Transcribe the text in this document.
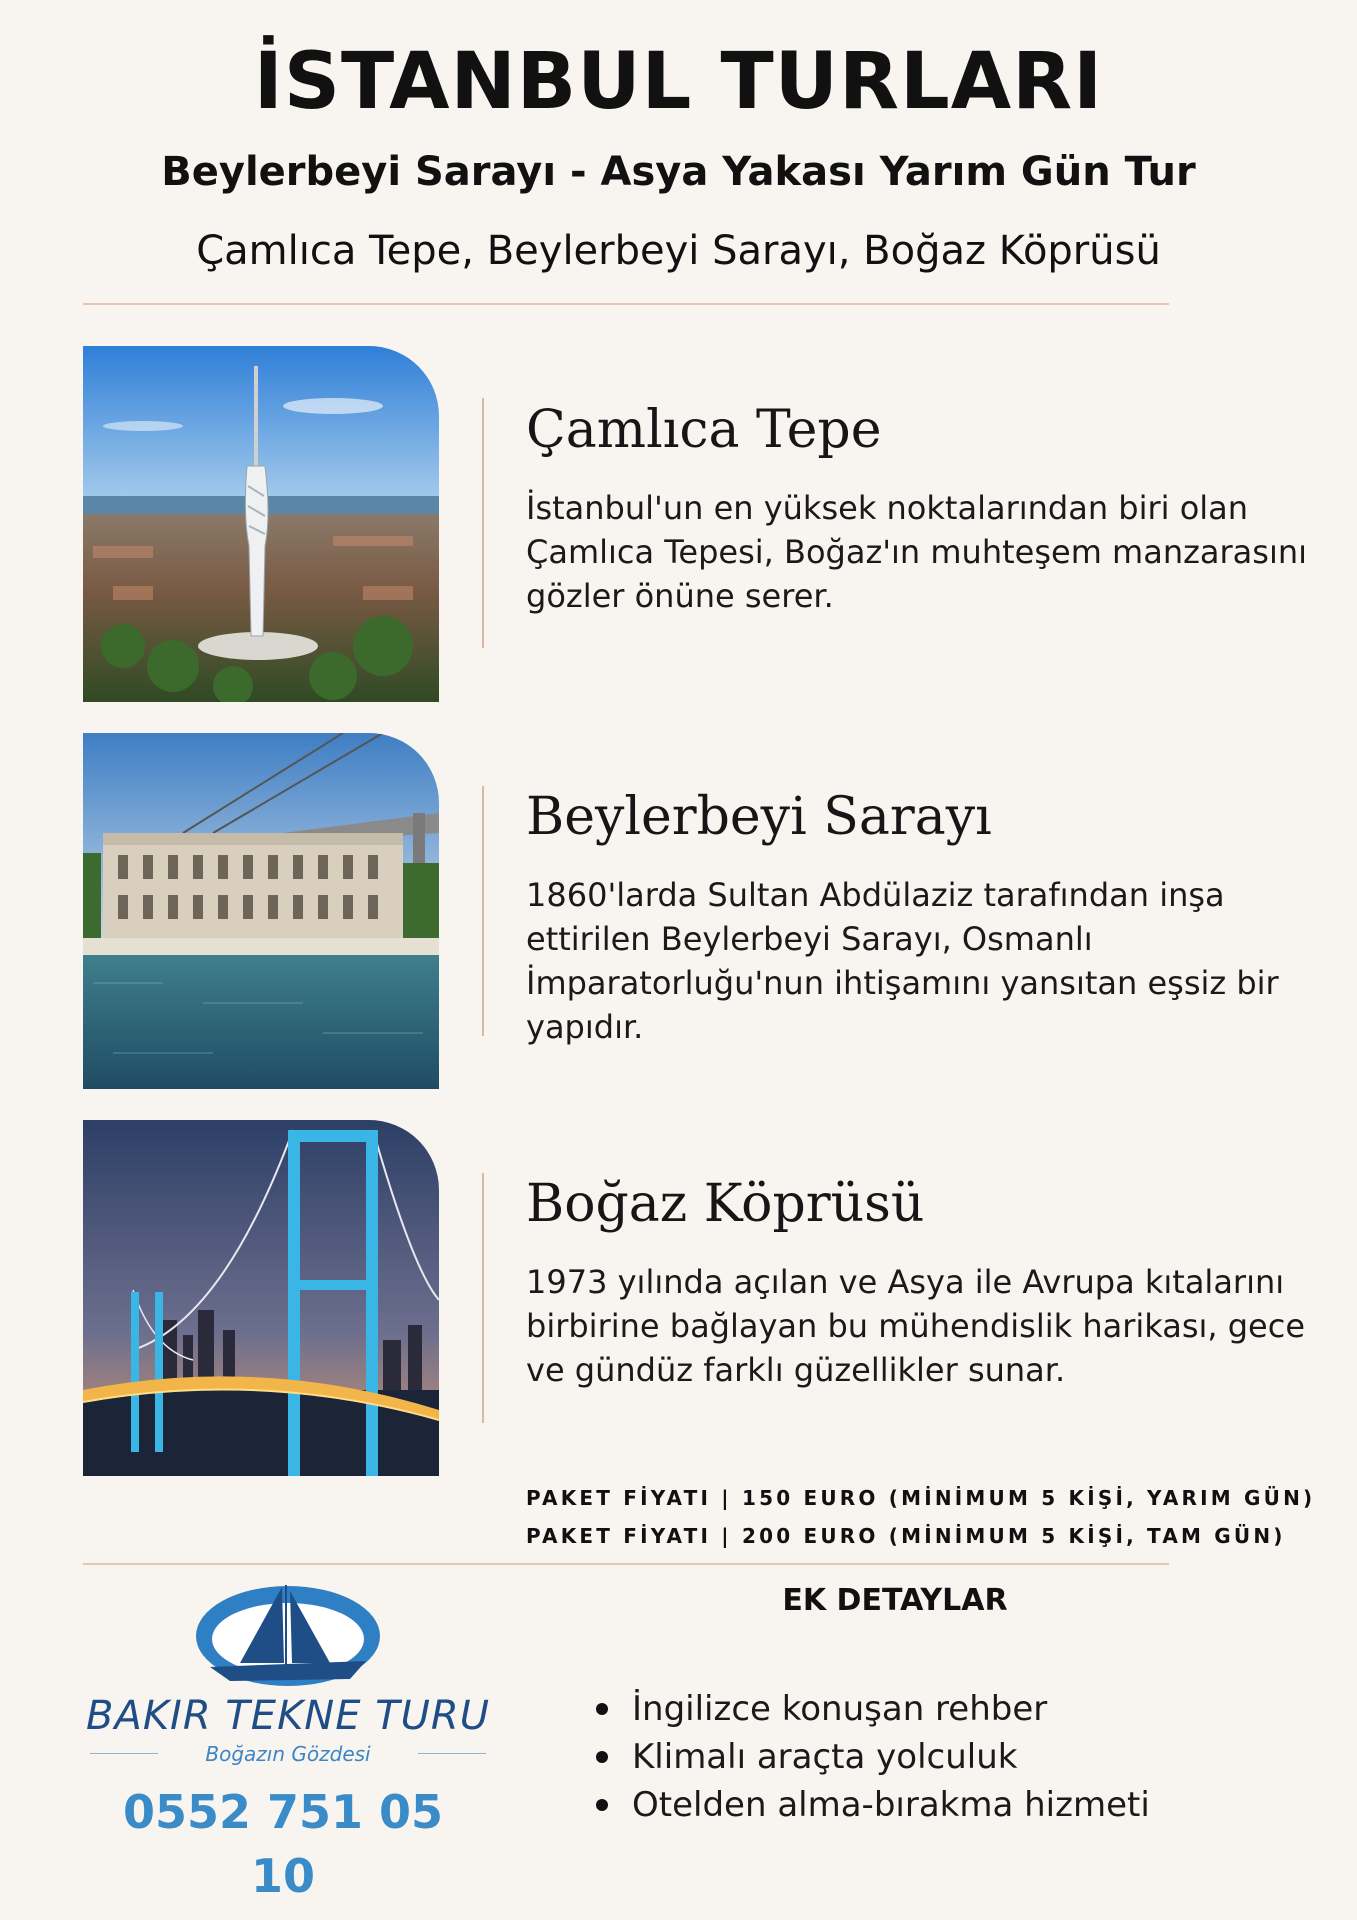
İSTANBUL TURLARI
Beylerbeyi Sarayı - Asya Yakası Yarım Gün Tur
Çamlıca Tepe, Beylerbeyi Sarayı, Boğaz Köprüsü
Çamlıca Tepe
İstanbul'un en yüksek noktalarından biri olan Çamlıca Tepesi, Boğaz'ın muhteşem manzarasını gözler önüne serer.
Beylerbeyi Sarayı
1860'larda Sultan Abdülaziz tarafından inşa ettirilen Beylerbeyi Sarayı, Osmanlı İmparatorluğu'nun ihtişamını yansıtan eşsiz bir yapıdır.
Boğaz Köprüsü
1973 yılında açılan ve Asya ile Avrupa kıtalarını birbirine bağlayan bu mühendislik harikası, gece ve gündüz farklı güzellikler sunar.
PAKET FİYATI | 150 EURO (MİNİMUM 5 KİŞİ, YARIM GÜN)
PAKET FİYATI | 200 EURO (MİNİMUM 5 KİŞİ, TAM GÜN)
BAKIR TEKNE TURU
Boğazın Gözdesi
0552 751 05 10
EK DETAYLAR
İngilizce konuşan rehber
Klimalı araçta yolculuk
Otelden alma-bırakma hizmeti
